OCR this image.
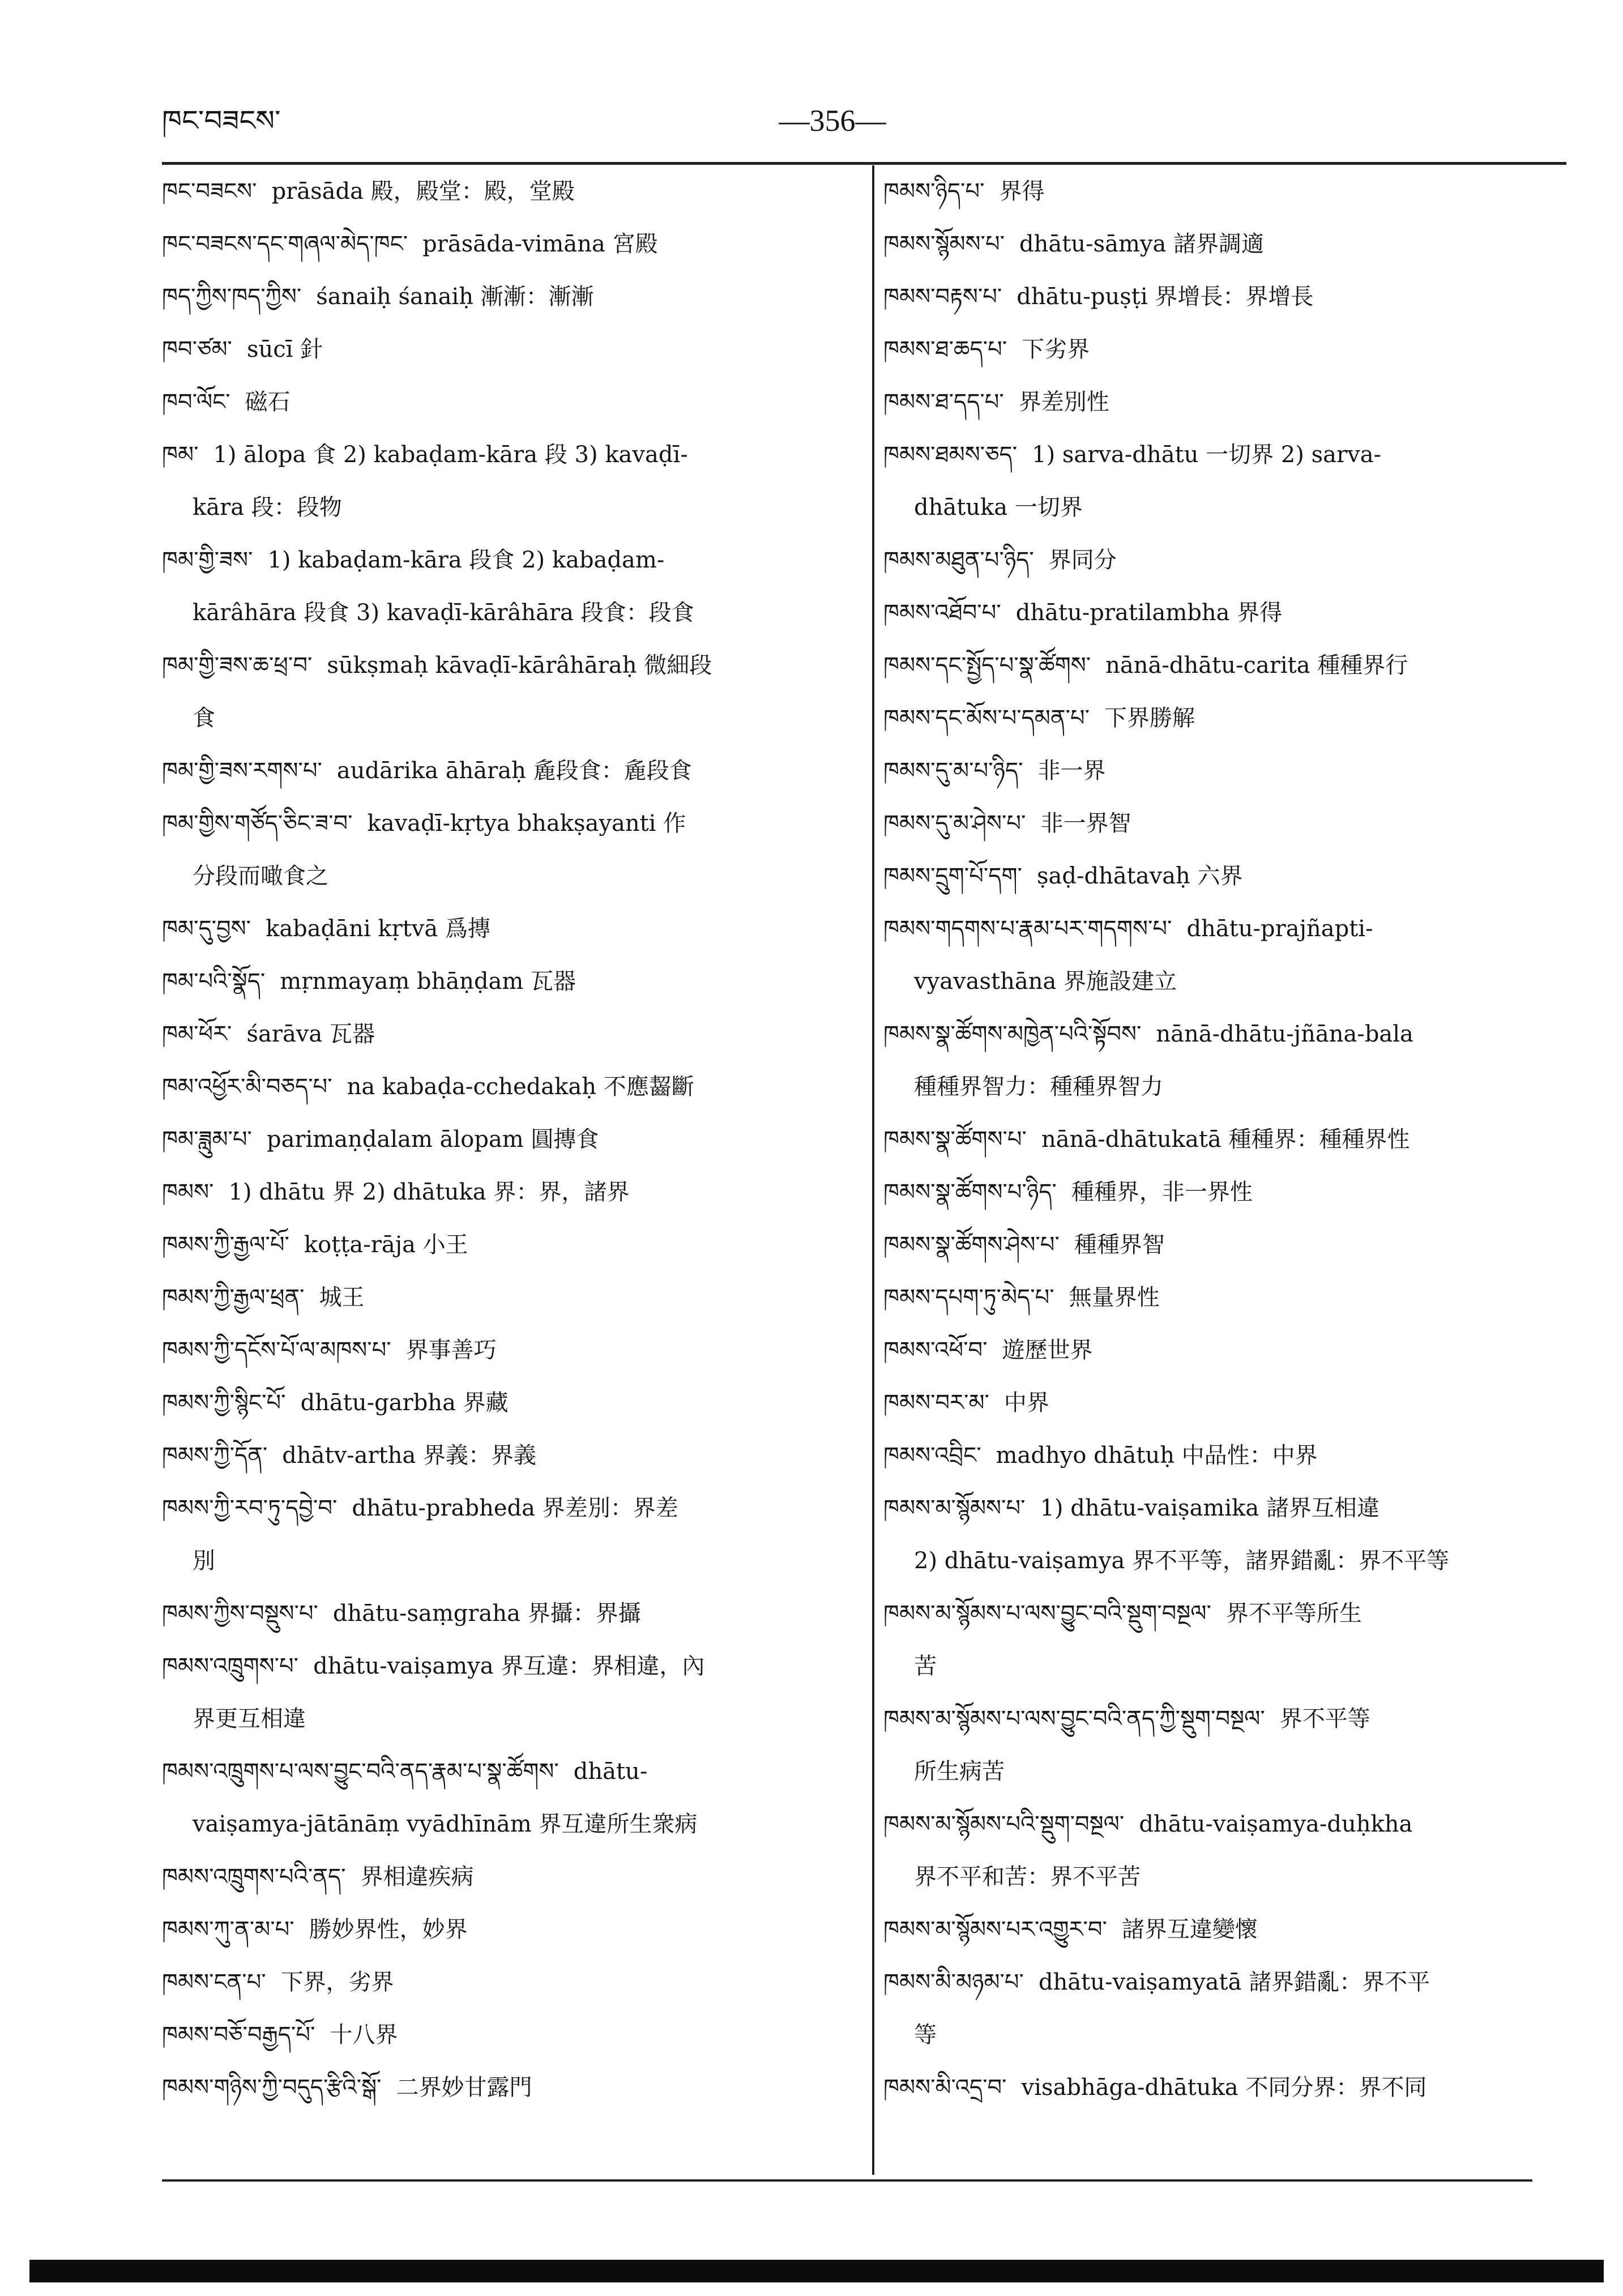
ཁང་བཟངས་	—356—
ཁང་བཟངས་ prāsāda 殿，殿堂：殿，堂殿
ཁང་བཟངས་དང་གཞལ་མེད་ཁང་ prāsāda-vimāna 宮殿
ཁད་ཀྱིས་ཁད་ཀྱིས་ śanaiḥ śanaiḥ 漸漸：漸漸
ཁབ་ཙམ་ sūcī 針
ཁབ་ལོང་ 磁石
ཁམ་ 1) ālopa 食 2) kabaḍam-kāra 段 3) kavaḍī-
kāra 段：段物
ཁམ་གྱི་ཟས་ 1) kabaḍam-kāra 段食 2) kabaḍam-
kārâhāra 段食 3) kavaḍī-kārâhāra 段食：段食
ཁམ་གྱི་ཟས་ཆ་ཕྲ་བ་ sūkṣmaḥ kāvaḍī-kārâhāraḥ 微細段
食
ཁམ་གྱི་ཟས་རགས་པ་ audārika āhāraḥ 麁段食：麁段食
ཁམ་གྱིས་གཙོད་ཅིང་ཟ་བ་ kavaḍī-kṛtya bhakṣayanti 作
分段而噉食之
ཁམ་དུ་བྱས་ kabaḍāni kṛtvā 爲摶
ཁམ་པའི་སྣོད་ mṛnmayaṃ bhāṇḍam 瓦器
ཁམ་ཕོར་ śarāva 瓦器
ཁམ་འཕྱོར་མི་བཅད་པ་ na kabaḍa-cchedakaḥ 不應齧斷
ཁམ་ཟླུམ་པ་ parimaṇḍalam ālopam 圓摶食
ཁམས་ 1) dhātu 界 2) dhātuka 界：界，諸界
ཁམས་ཀྱི་རྒྱལ་པོ་ koṭṭa-rāja 小王
ཁམས་ཀྱི་རྒྱལ་ཕྲན་ 城王
ཁམས་ཀྱི་དངོས་པོ་ལ་མཁས་པ་ 界事善巧
ཁམས་ཀྱི་སྙིང་པོ་ dhātu-garbha 界藏
ཁམས་ཀྱི་དོན་ dhātv-artha 界義：界義
ཁམས་ཀྱི་རབ་ཏུ་དབྱེ་བ་ dhātu-prabheda 界差別：界差
別
ཁམས་ཀྱིས་བསྡུས་པ་ dhātu-saṃgraha 界攝：界攝
ཁམས་འཁྲུགས་པ་ dhātu-vaiṣamya 界互違：界相違，內
界更互相違
ཁམས་འཁྲུགས་པ་ལས་བྱུང་བའི་ནད་རྣམ་པ་སྣ་ཚོགས་ dhātu-
vaiṣamya-jātānāṃ vyādhīnām 界互違所生衆病
ཁམས་འཁྲུགས་པའི་ནད་ 界相違疾病
ཁམས་ཀུ་ན་མ་པ་ 勝妙界性，妙界
ཁམས་ངན་པ་ 下界，劣界
ཁམས་བཅོ་བརྒྱད་པོ་ 十八界
ཁམས་གཉིས་ཀྱི་བདུད་རྩིའི་སྒོ་ 二界妙甘露門
ཁམས་ཉིད་པ་ 界得
ཁམས་སྙོམས་པ་ dhātu-sāmya 諸界調適
ཁམས་བརྟས་པ་ dhātu-puṣṭi 界增長：界增長
ཁམས་ཐ་ཆད་པ་ 下劣界
ཁམས་ཐ་དད་པ་ 界差別性
ཁམས་ཐམས་ཅད་ 1) sarva-dhātu 一切界 2) sarva-
dhātuka 一切界
ཁམས་མཐུན་པ་ཉིད་ 界同分
ཁམས་འཐོབ་པ་ dhātu-pratilambha 界得
ཁམས་དང་སྤྱོད་པ་སྣ་ཚོགས་ nānā-dhātu-carita 種種界行
ཁམས་དང་མོས་པ་དམན་པ་ 下界勝解
ཁམས་དུ་མ་པ་ཉིད་ 非一界
ཁམས་དུ་མ་ཤེས་པ་ 非一界智
ཁམས་དྲུག་པོ་དག་ ṣaḍ-dhātavaḥ 六界
ཁམས་གདགས་པ་རྣམ་པར་གདགས་པ་ dhātu-prajñapti-
vyavasthāna 界施設建立
ཁམས་སྣ་ཚོགས་མཁྱེན་པའི་སྟོབས་ nānā-dhātu-jñāna-bala
種種界智力：種種界智力
ཁམས་སྣ་ཚོགས་པ་ nānā-dhātukatā 種種界：種種界性
ཁམས་སྣ་ཚོགས་པ་ཉིད་ 種種界，非一界性
ཁམས་སྣ་ཚོགས་ཤེས་པ་ 種種界智
ཁམས་དཔག་ཏུ་མེད་པ་ 無量界性
ཁམས་འཕོ་བ་ 遊歷世界
ཁམས་བར་མ་ 中界
ཁམས་འབྲིང་ madhyo dhātuḥ 中品性：中界
ཁམས་མ་སྙོམས་པ་ 1) dhātu-vaiṣamika 諸界互相違
2) dhātu-vaiṣamya 界不平等，諸界錯亂：界不平等
ཁམས་མ་སྙོམས་པ་ལས་བྱུང་བའི་སྡུག་བསྔལ་ 界不平等所生
苦
ཁམས་མ་སྙོམས་པ་ལས་བྱུང་བའི་ནད་ཀྱི་སྡུག་བསྔལ་ 界不平等
所生病苦
ཁམས་མ་སྙོམས་པའི་སྡུག་བསྔལ་ dhātu-vaiṣamya-duḥkha
界不平和苦：界不平苦
ཁམས་མ་སྙོམས་པར་འགྱུར་བ་ 諸界互違變懷
ཁམས་མི་མཉམ་པ་ dhātu-vaiṣamyatā 諸界錯亂：界不平
等
ཁམས་མི་འདྲ་བ་ visabhāga-dhātuka 不同分界：界不同
